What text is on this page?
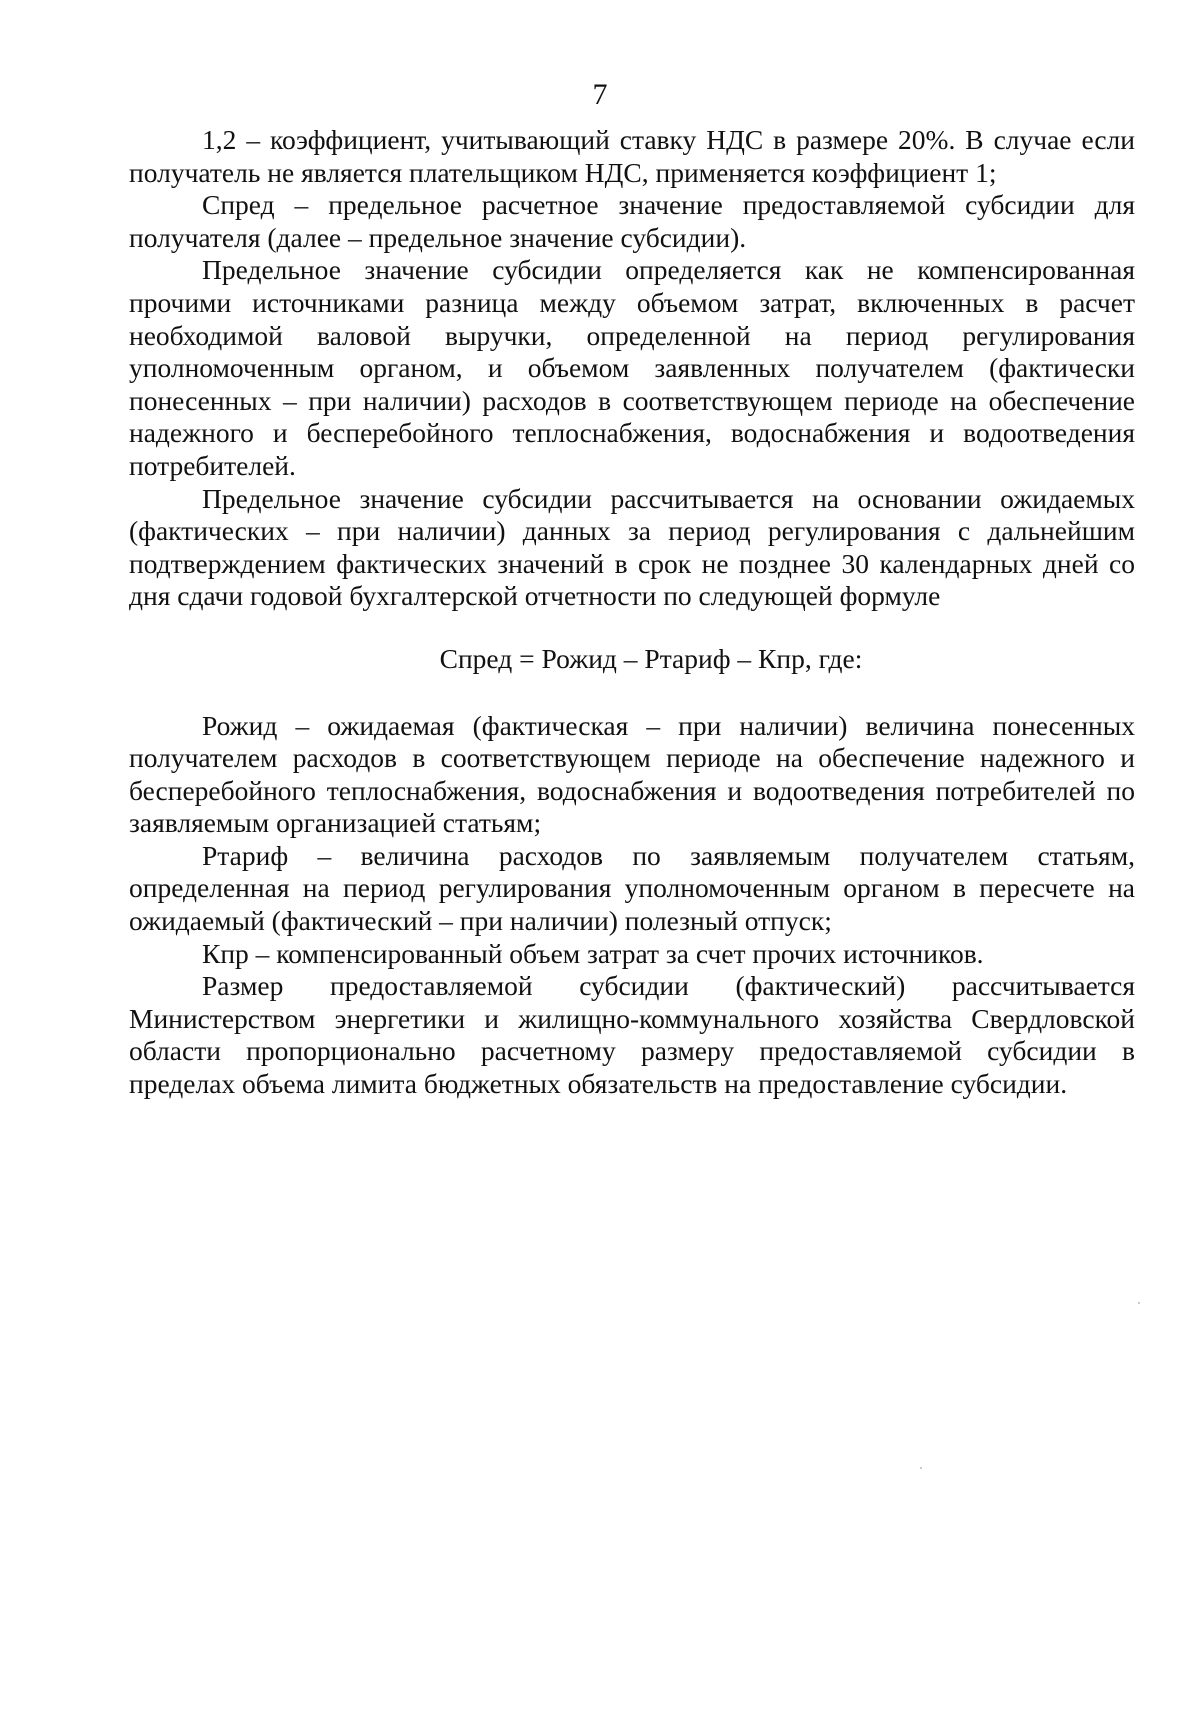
7

1,2 – коэффициент, учитывающий ставку НДС в размере 20%. В случае если получатель не является плательщиком НДС, применяется коэффициент 1;

Спред – предельное расчетное значение предоставляемой субсидии для получателя (далее – предельное значение субсидии).

Предельное значение субсидии определяется как не компенсированная прочими источниками разница между объемом затрат, включенных в расчет необходимой валовой выручки, определенной на период регулирования уполномоченным органом, и объемом заявленных получателем (фактически понесенных – при наличии) расходов в соответствующем периоде на обеспечение надежного и бесперебойного теплоснабжения, водоснабжения и водоотведения потребителей.

Предельное значение субсидии рассчитывается на основании ожидаемых (фактических – при наличии) данных за период регулирования с дальнейшим подтверждением фактических значений в срок не позднее 30 календарных дней со дня сдачи годовой бухгалтерской отчетности по следующей формуле

Спред = Рожид – Ртариф – Кпр, где:

Рожид – ожидаемая (фактическая – при наличии) величина понесенных получателем расходов в соответствующем периоде на обеспечение надежного и бесперебойного теплоснабжения, водоснабжения и водоотведения потребителей по заявляемым организацией статьям;

Ртариф – величина расходов по заявляемым получателем статьям, определенная на период регулирования уполномоченным органом в пересчете на ожидаемый (фактический – при наличии) полезный отпуск;

Кпр – компенсированный объем затрат за счет прочих источников.

Размер предоставляемой субсидии (фактический) рассчитывается Министерством энергетики и жилищно-коммунального хозяйства Свердловской области пропорционально расчетному размеру предоставляемой субсидии в пределах объема лимита бюджетных обязательств на предоставление субсидии.
